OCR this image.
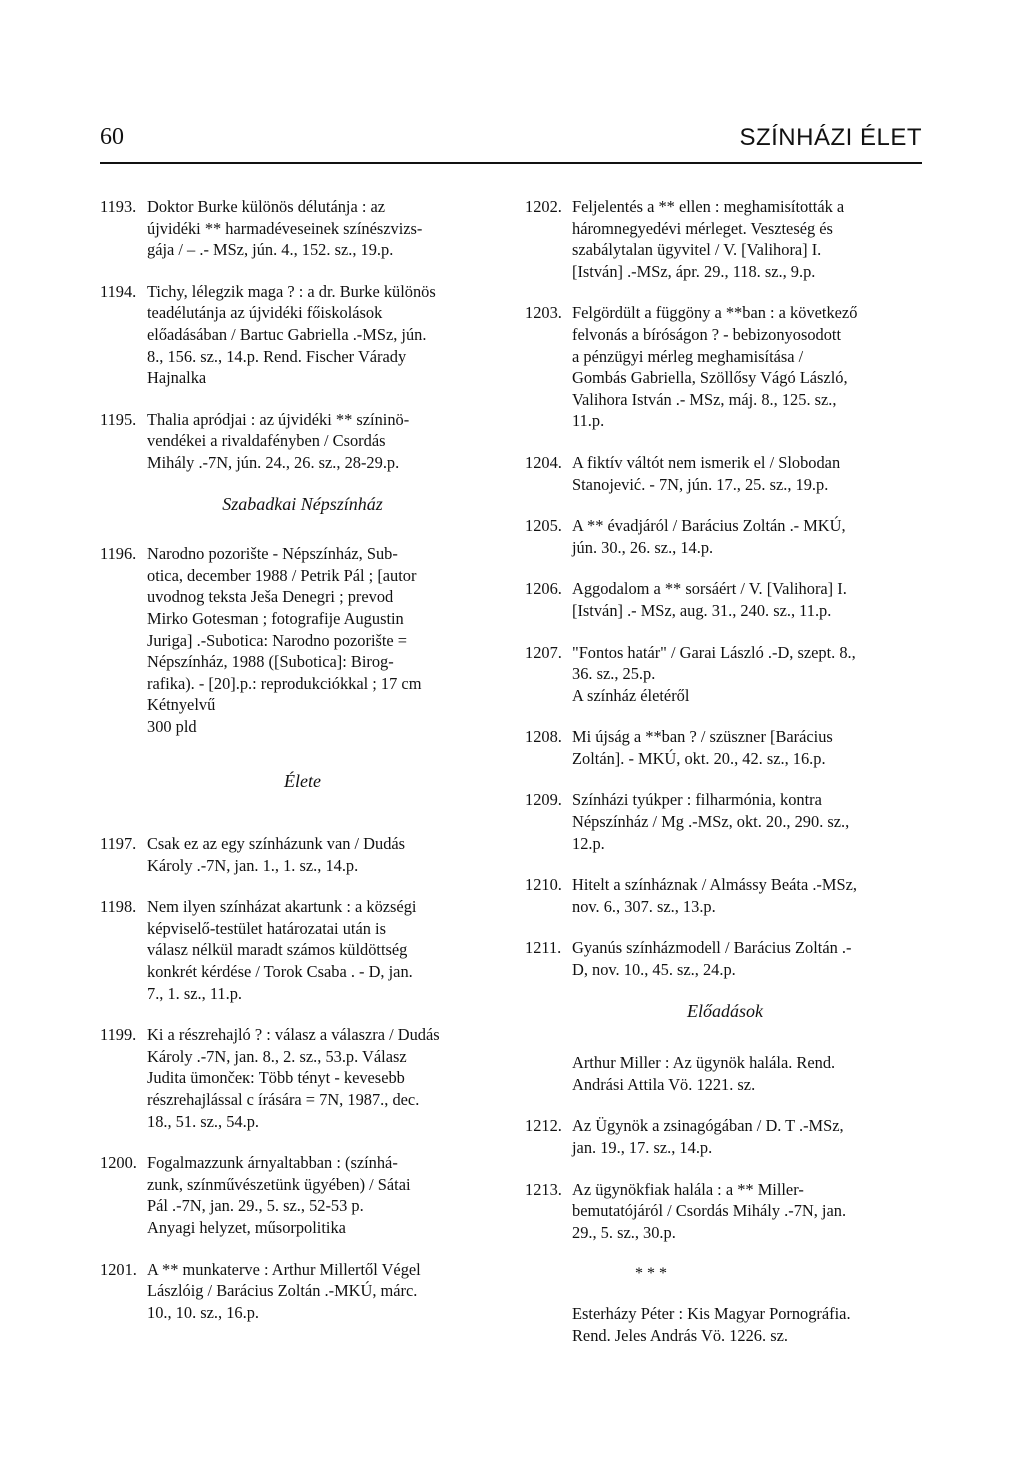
60	SZÍNHÁZI ÉLET
1193. Doktor Burke különös délutánja : az
újvidéki ** harmadéveseinek színészvizs-
gája / – .- MSz, jún. 4., 152. sz., 19.p.
1194. Tichy, lélegzik maga ? : a dr. Burke különös
teadélutánja az újvidéki főiskolások
előadásában / Bartuc Gabriella .-MSz, jún.
8., 156. sz., 14.p. Rend. Fischer Várady
Hajnalka
1195. Thalia apródjai : az újvidéki ** színinö-
vendékei a rivaldafényben / Csordás
Mihály .-7N, jún. 24., 26. sz., 28-29.p.
Szabadkai Népszínház
1196. Narodno pozorište - Népszínház, Sub-
otica, december 1988 / Petrik Pál ; [autor
uvodnog teksta Ješa Denegri ; prevod
Mirko Gotesman ; fotografije Augustin
Juriga] .-Subotica: Narodno pozorište =
Népszínház, 1988 ([Subotica]: Birog-
rafika). - [20].p.: reprodukciókkal ; 17 cm
Kétnyelvű
300 pld
Élete
1197. Csak ez az egy színházunk van / Dudás
Károly .-7N, jan. 1., 1. sz., 14.p.
1198. Nem ilyen színházat akartunk : a községi
képviselő-testület határozatai után is
válasz nélkül maradt számos küldöttség
konkrét kérdése / Torok Csaba . - D, jan.
7., 1. sz., 11.p.
1199. Ki a részrehajló ? : válasz a válaszra / Dudás
Károly .-7N, jan. 8., 2. sz., 53.p. Válasz
Judita ümončeк: Több tényt - kevesebb
részrehajlással c írására = 7N, 1987., dec.
18., 51. sz., 54.p.
1200. Fogalmazzunk árnyaltabban : (színhá-
zunk, színművészetünk ügyében) / Sátai
Pál .-7N, jan. 29., 5. sz., 52-53 p.
Anyagi helyzet, műsorpolitika
1201. A ** munkaterve : Arthur Millertől Végel
Lászlóig / Barácius Zoltán .-MKÚ, márc.
10., 10. sz., 16.p.
1202. Feljelentés a ** ellen : meghamisították a
háromnegyedévi mérleget. Veszteség és
szabálytalan ügyvitel / V. [Valihora] I.
[István] .-MSz, ápr. 29., 118. sz., 9.p.
1203. Felgördült a függöny a **ban : a következő
felvonás a bíróságon ? - bebizonyosodott
a pénzügyi mérleg meghamisítása /
Gombás Gabriella, Szöllősy Vágó László,
Valihora István .- MSz, máj. 8., 125. sz.,
11.p.
1204. A fiktív váltót nem ismerik el / Slobodan
Stanojević. - 7N, jún. 17., 25. sz., 19.p.
1205. A ** évadjáról / Barácius Zoltán .- MKÚ,
jún. 30., 26. sz., 14.p.
1206. Aggodalom a ** sorsáért / V. [Valihora] I.
[István] .- MSz, aug. 31., 240. sz., 11.p.
1207. "Fontos határ" / Garai László .-D, szept. 8.,
36. sz., 25.p.
A színház életéről
1208. Mi újság a **ban ? / szüszner [Barácius
Zoltán]. - MKÚ, okt. 20., 42. sz., 16.p.
1209. Színházi tyúkper : filharmónia, kontra
Népszínház / Mg .-MSz, okt. 20., 290. sz.,
12.p.
1210. Hitelt a színháznak / Almássy Beáta .-MSz,
nov. 6., 307. sz., 13.p.
1211. Gyanús színházmodell / Barácius Zoltán .-
D, nov. 10., 45. sz., 24.p.
Előadások
Arthur Miller : Az ügynök halála. Rend.
Andrási Attila Vö. 1221. sz.
1212. Az Ügynök a zsinagógában / D. T .-MSz,
jan. 19., 17. sz., 14.p.
1213. Az ügynökfiak halála : a ** Miller-
bemutatójáról / Csordás Mihály .-7N, jan.
29., 5. sz., 30.p.
* * *
Esterházy Péter : Kis Magyar Pornográfia.
Rend. Jeles András Vö. 1226. sz.
